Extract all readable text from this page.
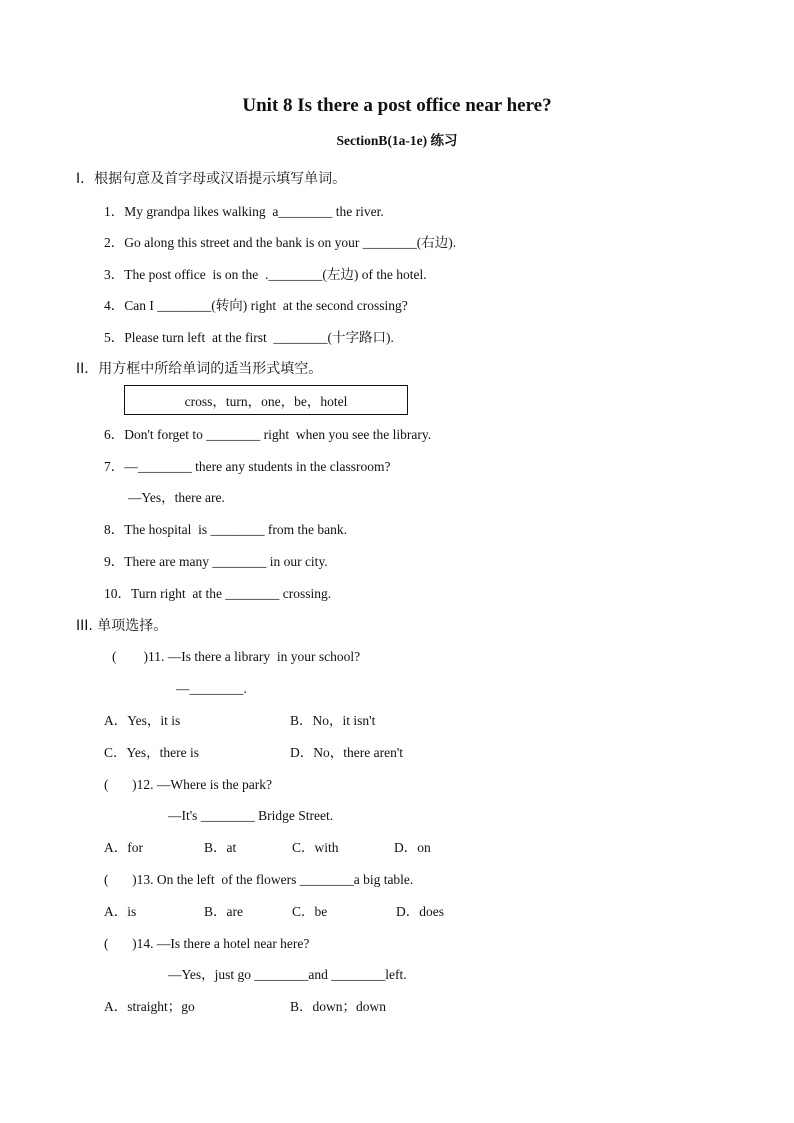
Unit 8 Is there a post office near here?
SectionB(1a-1e) 练习
I．根据句意及首字母或汉语提示填写单词。
1．My grandpa likes walking  a________ the river.
2．Go along this street and the bank is on your ________(右边).
3．The post office  is on the  .________(左边) of the hotel.
4．Can I ________(转向) right  at the second crossing?
5．Please turn left  at the first  ________(十字路口).
II．用方框中所给单词的适当形式填空。
cross，turn，one，be，hotel
6．Don't forget to ________ right  when you see the library.
7．—________ there any students in the classroom?
—Yes，there are.
8．The hospital  is ________ from the bank.
9．There are many ________ in our city.
10．Turn right  at the ________ crossing.
III. 单项选择。
(        )11. —Is there a library  in your school?
—________.
A．Yes，it is	B．No，it isn't
C．Yes，there is	D．No，there aren't
(       )12. —Where is the park?
—It's ________ Bridge Street.
A．for	B．at	C．with	D．on
(       )13. On the left  of the flowers ________a big table.
A．is	B．are	C．be	D．does
(       )14. —Is there a hotel near here?
—Yes，just go ________and ________left.
A．straight；go	B．down；down
